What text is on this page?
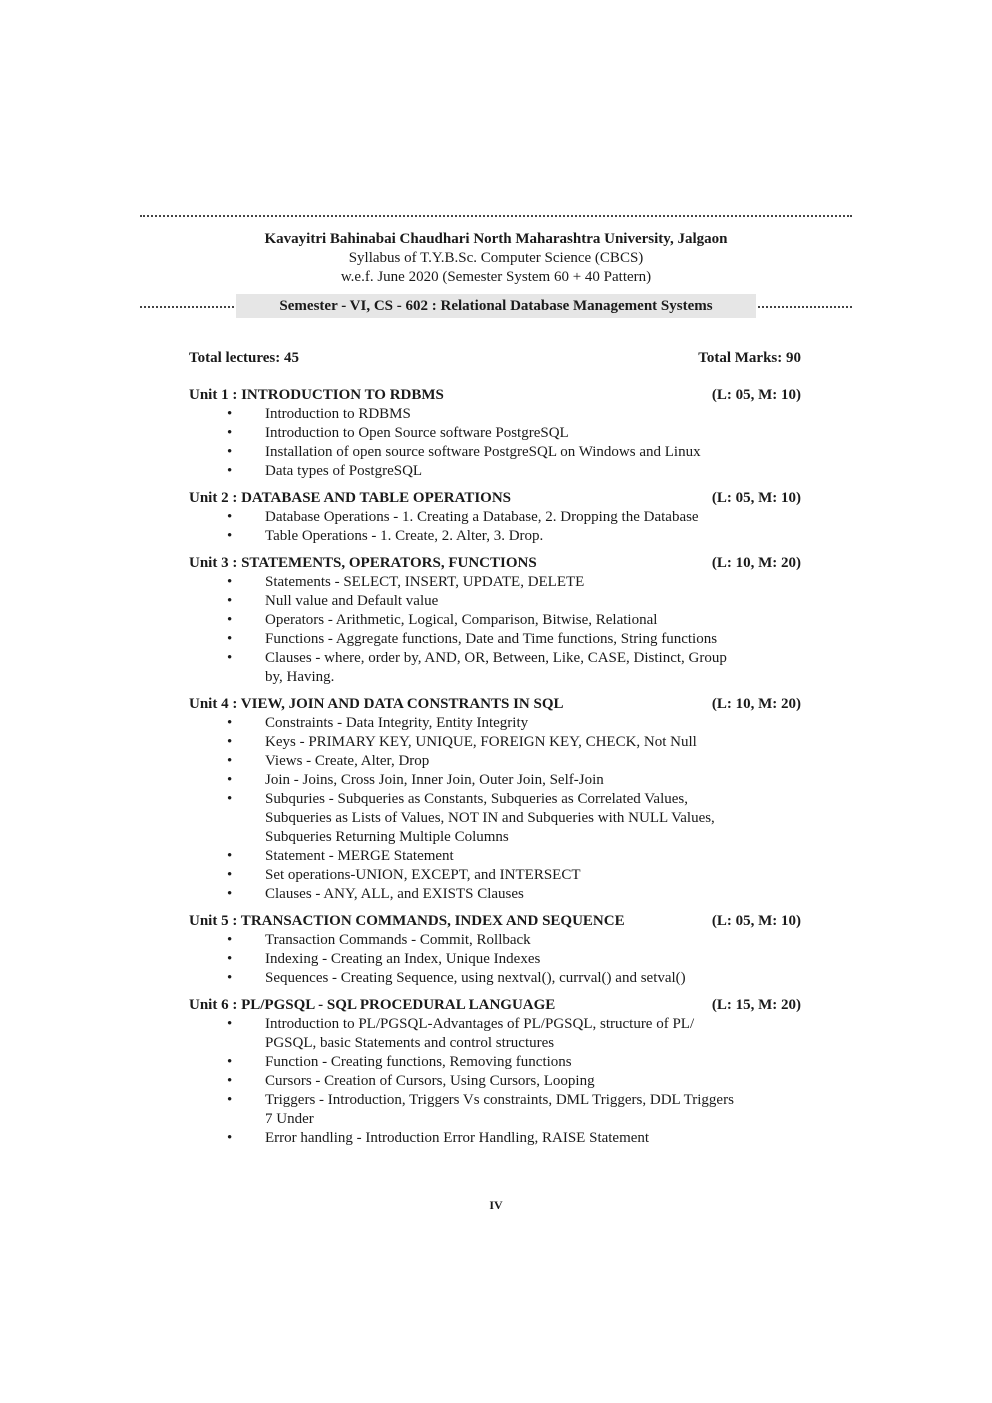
Kavayitri Bahinabai Chaudhari North Maharashtra University, Jalgaon
Syllabus of T.Y.B.Sc. Computer Science (CBCS)
w.e.f. June 2020 (Semester System 60 + 40 Pattern)
Semester - VI, CS - 602 : Relational Database Management Systems
Total lectures: 45	Total Marks: 90
Unit 1 : INTRODUCTION TO RDBMS	(L: 05, M: 10)
• Introduction to RDBMS
• Introduction to Open Source software PostgreSQL
• Installation of open source software PostgreSQL on Windows and Linux
• Data types of PostgreSQL
Unit 2 : DATABASE AND TABLE OPERATIONS	(L: 05, M: 10)
• Database Operations - 1. Creating a Database, 2. Dropping the Database
• Table Operations - 1. Create, 2. Alter, 3. Drop.
Unit 3 : STATEMENTS, OPERATORS, FUNCTIONS	(L: 10, M: 20)
• Statements - SELECT, INSERT, UPDATE, DELETE
• Null value and Default value
• Operators - Arithmetic, Logical, Comparison, Bitwise, Relational
• Functions - Aggregate functions, Date and Time functions, String functions
• Clauses - where, order by, AND, OR, Between, Like, CASE, Distinct, Group by, Having.
Unit 4 : VIEW, JOIN AND DATA CONSTRANTS IN SQL	(L: 10, M: 20)
• Constraints - Data Integrity, Entity Integrity
• Keys - PRIMARY KEY, UNIQUE, FOREIGN KEY, CHECK, Not Null
• Views - Create, Alter, Drop
• Join - Joins, Cross Join, Inner Join, Outer Join, Self-Join
• Subquries - Subqueries as Constants, Subqueries as Correlated Values, Subqueries as Lists of Values, NOT IN and Subqueries with NULL Values, Subqueries Returning Multiple Columns
• Statement - MERGE Statement
• Set operations-UNION, EXCEPT, and INTERSECT
• Clauses - ANY, ALL, and EXISTS Clauses
Unit 5 : TRANSACTION COMMANDS, INDEX AND SEQUENCE	(L: 05, M: 10)
• Transaction Commands - Commit, Rollback
• Indexing - Creating an Index, Unique Indexes
• Sequences - Creating Sequence, using nextval(), currval() and setval()
Unit 6 : PL/PGSQL - SQL PROCEDURAL LANGUAGE	(L: 15, M: 20)
• Introduction to PL/PGSQL-Advantages of PL/PGSQL, structure of PL/ PGSQL, basic Statements and control structures
• Function - Creating functions, Removing functions
• Cursors - Creation of Cursors, Using Cursors, Looping
• Triggers - Introduction, Triggers Vs constraints, DML Triggers, DDL Triggers 7 Under
• Error handling - Introduction Error Handling, RAISE Statement
IV
